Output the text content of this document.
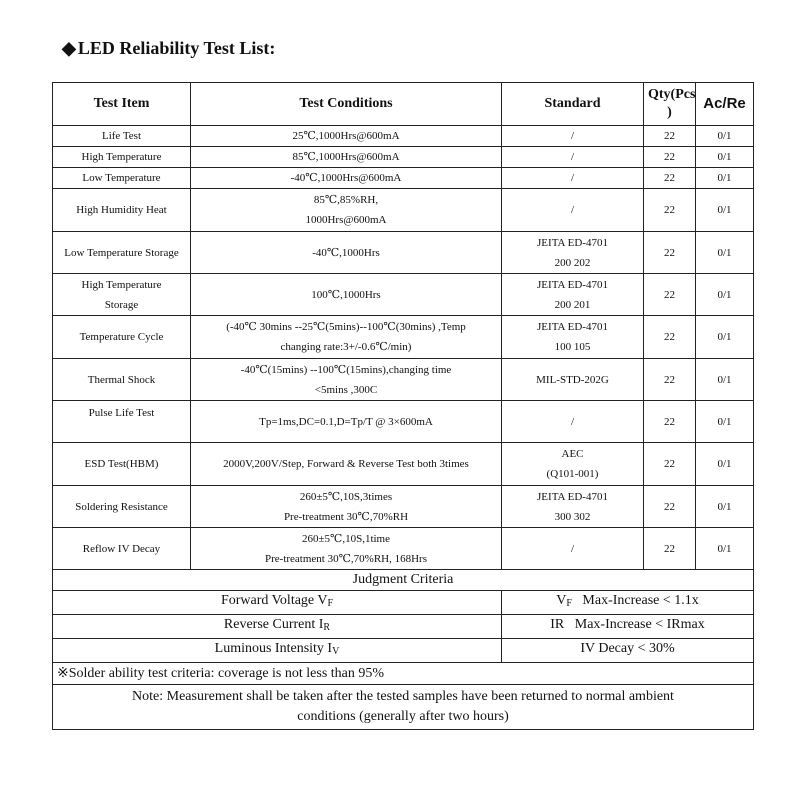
◆ LED Reliability Test List:
Test Item	Test Conditions	Standard	Qty(Pcs )	Ac/Re
Life Test	25℃,1000Hrs@600mA	/	22	0/1
High Temperature	85℃,1000Hrs@600mA	/	22	0/1
Low Temperature	-40℃,1000Hrs@600mA	/	22	0/1
High Humidity Heat	85℃,85%RH,
1000Hrs@600mA	/	22	0/1
Low Temperature Storage	-40℃,1000Hrs	JEITA ED-4701
200 202	22	0/1
High Temperature Storage	100℃,1000Hrs	JEITA ED-4701
200 201	22	0/1
Temperature Cycle	(-40℃ 30mins --25℃(5mins)--100℃(30mins) ,Temp
changing rate:3+/-0.6℃/min)	JEITA ED-4701
100 105	22	0/1
Thermal Shock	-40℃(15mins) --100℃(15mins),changing time
<5mins ,300C	MIL-STD-202G	22	0/1
Pulse Life Test	Tp=1ms,DC=0.1,D=Tp/T @ 3×600mA	/	22	0/1
ESD Test(HBM)	2000V,200V/Step, Forward & Reverse Test both 3times	AEC
(Q101-001)	22	0/1
Soldering Resistance	260±5℃,10S,3times
Pre-treatment 30℃,70%RH	JEITA ED-4701
300 302	22	0/1
Reflow IV Decay	260±5℃,10S,1time
Pre-treatment 30℃,70%RH, 168Hrs	/	22	0/1
Judgment Criteria				
Forward Voltage $V_F$		$V_F$   Max-Increase < 1.1x		
Reverse Current $I_R$		IR   Max-Increase < IRmax		
Luminous Intensity $I_V$		IV Decay < 30%		
※Solder ability test criteria: coverage is not less than 95%				
Note: Measurement shall be taken after the tested samples have been returned to normal ambient
conditions (generally after two hours)				
